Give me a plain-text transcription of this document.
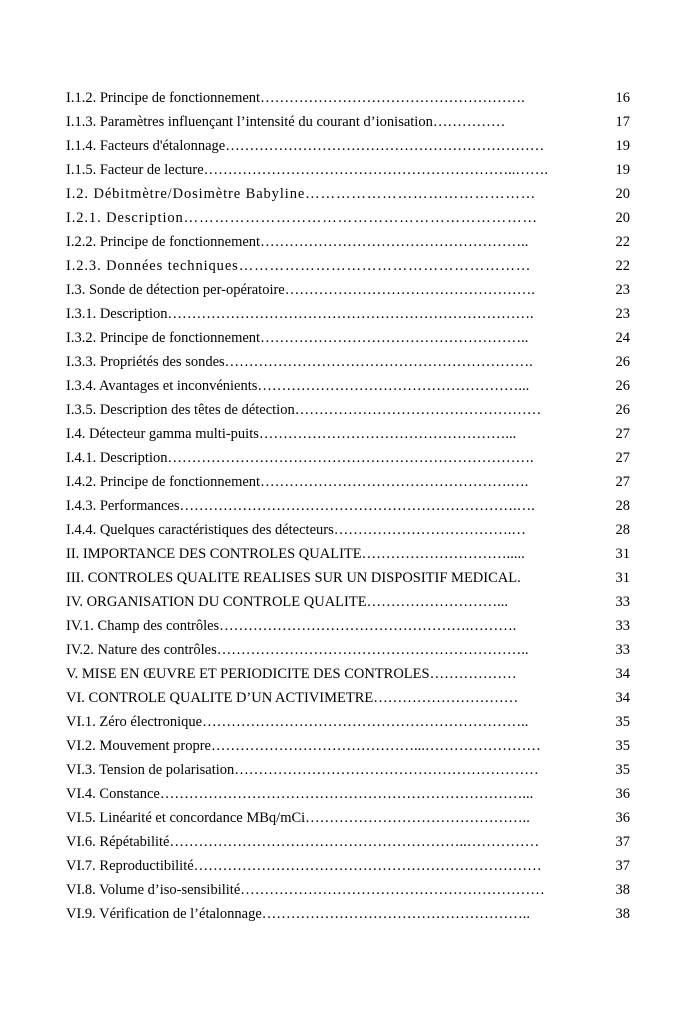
I.1.2. Principe de fonctionnement……………………………………………….	16
I.1.3. Paramètres influençant l’intensité du courant d’ionisation……………	17
I.1.4. Facteurs d'étalonnage…………………………………………………………	19
I.1.5. Facteur de lecture………………………………………………………..…….	19
I.2. Débitmètre/Dosimètre Babyline………………………………………	20
I.2.1. Description……………………………………………………………	20
I.2.2. Principe de fonctionnement………………………………………………..	22
I.2.3. Données techniques…………………………………………………	22
I.3. Sonde de détection per-opératoire…………………………………………….	23
I.3.1. Description………………………………………………………………….	23
I.3.2. Principe de fonctionnement………………………………………………..	24
I.3.3. Propriétés des sondes……………………………………………………….	26
I.3.4. Avantages et inconvénients………………………………………………...	26
I.3.5. Description des têtes de détection……………………………………………	26
I.4. Détecteur gamma multi-puits……………………………………………...	27
I.4.1. Description………………………………………………………………….	27
I.4.2. Principe de fonctionnement…………………………………………….….	27
I.4.3. Performances…………………………………………………………….….	28
I.4.4. Quelques caractéristiques des détecteurs……………………………….…	28
II. IMPORTANCE DES CONTROLES QUALITE………………………….....	31
III. CONTROLES QUALITE REALISES SUR UN DISPOSITIF MEDICAL.	31
IV. ORGANISATION DU CONTROLE QUALITE………………………...	33
IV.1. Champ des contrôles…………………………………………….……….	33
IV.2. Nature des contrôles………………………………………………………..	33
V. MISE EN ŒUVRE ET PERIODICITE DES CONTROLES………………	34
VI. CONTROLE QUALITE D’UN ACTIVIMETRE…………………………	34
VI.1. Zéro électronique…………………………………………………………..	35
VI.2. Mouvement propre……………………………………...……………………	35
VI.3. Tension de polarisation………………………………………………………	35
VI.4. Constance…………………………………………………………………...	36
VI.5. Linéarité et concordance MBq/mCi………………………………………..	36
VI.6. Répétabilité……………………………………………………..……………	37
VI.7. Reproductibilité………………………………………………………………	37
VI.8. Volume d’iso-sensibilité………………………………………………………	38
VI.9. Vérification de l’étalonnage………………………………………………..	38
